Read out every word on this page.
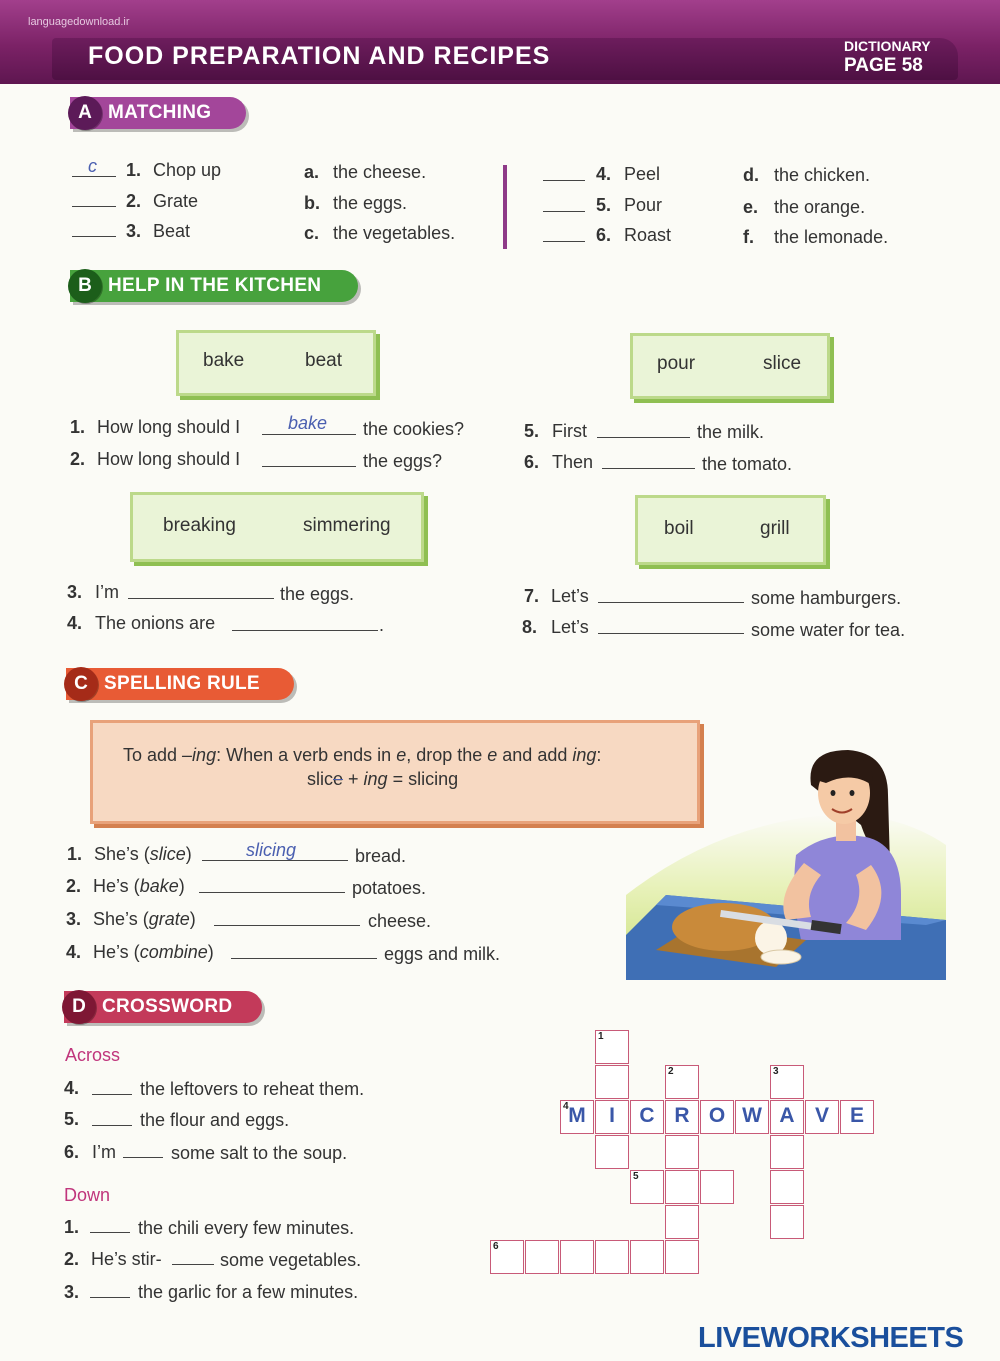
languagedownload.ir
FOOD PREPARATION AND RECIPES	DICTIONARY
PAGE 58
A MATCHING
c 1. Chop up
2. Grate
3. Beat
a. the cheese.
b. the eggs.
c. the vegetables.
4. Peel
5. Pour
6. Roast
d. the chicken.
e. the orange.
f. the lemonade.
B HELP IN THE KITCHEN
bake	beat	pour	slice
1. How long should I	bake the cookies?
2. How long should I	the eggs?
5. First	the milk.
6. Then	the tomato.
breaking	simmering	boil	grill
3. I’m	the eggs.
4. The onions are	.
7. Let’s	some hamburgers.
8. Let’s	some water for tea.
C SPELLING RULE
To add –ing: When a verb ends in e, drop the e and add ing:
slice + ing = slicing
1. She’s (slice)	slicing	bread.
2. He’s (bake)	potatoes.
3. She’s (grate)	cheese.
4. He’s (combine)	eggs and milk.
D CROSSWORD
Across
4.	the leftovers to reheat them.
5.	the flour and eggs.
6. I’m	some salt to the soup.
Down
1.	the chili every few minutes.
2. He’s stir-	some vegetables.
3.	the garlic for a few minutes.
1
2	3
4
5
6
M	I	C R O W A V E
LIVEWORKSHEETS
